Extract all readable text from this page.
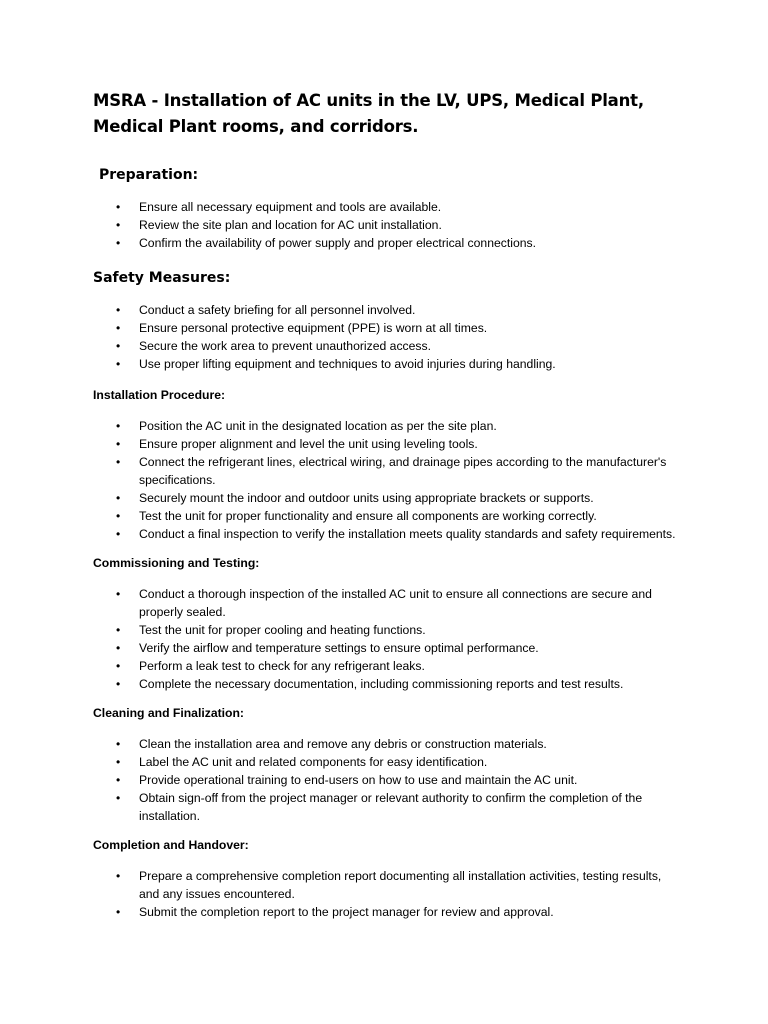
MSRA - Installation of AC units in the LV, UPS, Medical Plant, Medical Plant rooms, and corridors.
Preparation:
• Ensure all necessary equipment and tools are available.
• Review the site plan and location for AC unit installation.
• Confirm the availability of power supply and proper electrical connections.
Safety Measures:
• Conduct a safety briefing for all personnel involved.
• Ensure personal protective equipment (PPE) is worn at all times.
• Secure the work area to prevent unauthorized access.
• Use proper lifting equipment and techniques to avoid injuries during handling.
Installation Procedure:
• Position the AC unit in the designated location as per the site plan.
• Ensure proper alignment and level the unit using leveling tools.
• Connect the refrigerant lines, electrical wiring, and drainage pipes according to the manufacturer's specifications.
• Securely mount the indoor and outdoor units using appropriate brackets or supports.
• Test the unit for proper functionality and ensure all components are working correctly.
• Conduct a final inspection to verify the installation meets quality standards and safety requirements.
Commissioning and Testing:
• Conduct a thorough inspection of the installed AC unit to ensure all connections are secure and properly sealed.
• Test the unit for proper cooling and heating functions.
• Verify the airflow and temperature settings to ensure optimal performance.
• Perform a leak test to check for any refrigerant leaks.
• Complete the necessary documentation, including commissioning reports and test results.
Cleaning and Finalization:
• Clean the installation area and remove any debris or construction materials.
• Label the AC unit and related components for easy identification.
• Provide operational training to end-users on how to use and maintain the AC unit.
• Obtain sign-off from the project manager or relevant authority to confirm the completion of the installation.
Completion and Handover:
• Prepare a comprehensive completion report documenting all installation activities, testing results, and any issues encountered.
• Submit the completion report to the project manager for review and approval.
